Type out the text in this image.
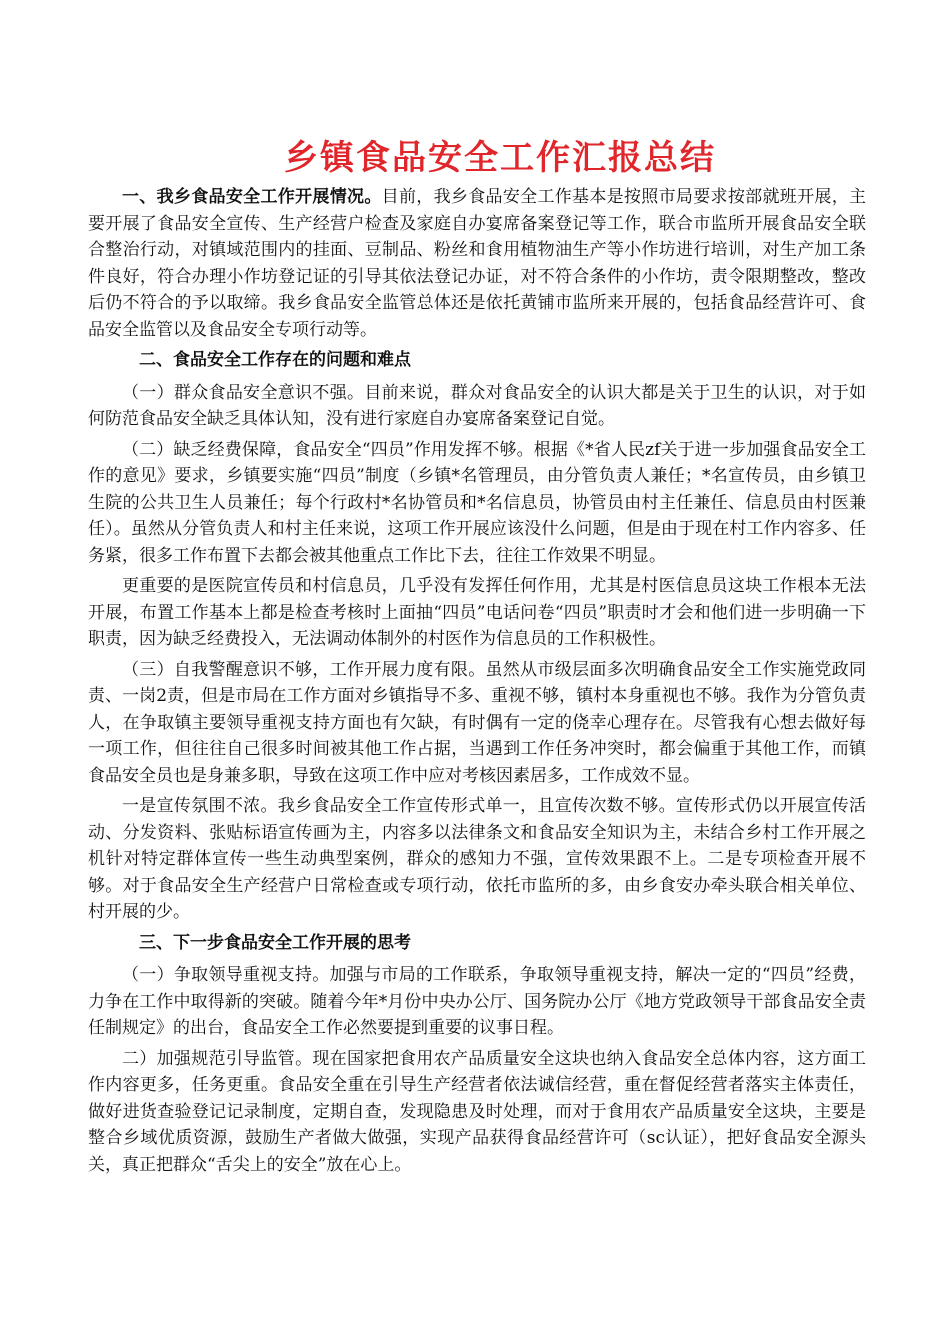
乡镇食品安全工作汇报总结

一、我乡食品安全工作开展情况。目前，我乡食品安全工作基本是按照市局要求按部就班开展，主要开展了食品安全宣传、生产经营户检查及家庭自办宴席备案登记等工作，联合市监所开展食品安全联合整治行动，对镇域范围内的挂面、豆制品、粉丝和食用植物油生产等小作坊进行培训，对生产加工条件良好，符合办理小作坊登记证的引导其依法登记办证，对不符合条件的小作坊，责令限期整改，整改后仍不符合的予以取缔。我乡食品安全监管总体还是依托黄铺市监所来开展的，包括食品经营许可、食品安全监管以及食品安全专项行动等。

二、食品安全工作存在的问题和难点

（一）群众食品安全意识不强。目前来说，群众对食品安全的认识大都是关于卫生的认识，对于如何防范食品安全缺乏具体认知，没有进行家庭自办宴席备案登记自觉。

（二）缺乏经费保障，食品安全“四员”作用发挥不够。根据《*省人民zf关于进一步加强食品安全工作的意见》要求，乡镇要实施“四员”制度（乡镇*名管理员，由分管负责人兼任；*名宣传员，由乡镇卫生院的公共卫生人员兼任；每个行政村*名协管员和*名信息员，协管员由村主任兼任、信息员由村医兼任）。虽然从分管负责人和村主任来说，这项工作开展应该没什么问题，但是由于现在村工作内容多、任务紧，很多工作布置下去都会被其他重点工作比下去，往往工作效果不明显。

更重要的是医院宣传员和村信息员，几乎没有发挥任何作用，尤其是村医信息员这块工作根本无法开展，布置工作基本上都是检查考核时上面抽“四员”电话问卷“四员”职责时才会和他们进一步明确一下职责，因为缺乏经费投入，无法调动体制外的村医作为信息员的工作积极性。

（三）自我警醒意识不够，工作开展力度有限。虽然从市级层面多次明确食品安全工作实施党政同责、一岗2责，但是市局在工作方面对乡镇指导不多、重视不够，镇村本身重视也不够。我作为分管负责人，在争取镇主要领导重视支持方面也有欠缺，有时偶有一定的侥幸心理存在。尽管我有心想去做好每一项工作，但往往自己很多时间被其他工作占据，当遇到工作任务冲突时，都会偏重于其他工作，而镇食品安全员也是身兼多职，导致在这项工作中应对考核因素居多，工作成效不显。

一是宣传氛围不浓。我乡食品安全工作宣传形式单一，且宣传次数不够。宣传形式仍以开展宣传活动、分发资料、张贴标语宣传画为主，内容多以法律条文和食品安全知识为主，未结合乡村工作开展之机针对特定群体宣传一些生动典型案例，群众的感知力不强，宣传效果跟不上。二是专项检查开展不够。对于食品安全生产经营户日常检查或专项行动，依托市监所的多，由乡食安办牵头联合相关单位、村开展的少。

三、下一步食品安全工作开展的思考

（一）争取领导重视支持。加强与市局的工作联系，争取领导重视支持，解决一定的“四员”经费，力争在工作中取得新的突破。随着今年*月份中央办公厅、国务院办公厅《地方党政领导干部食品安全责任制规定》的出台，食品安全工作必然要提到重要的议事日程。

二）加强规范引导监管。现在国家把食用农产品质量安全这块也纳入食品安全总体内容，这方面工作内容更多，任务更重。食品安全重在引导生产经营者依法诚信经营，重在督促经营者落实主体责任，做好进货查验登记记录制度，定期自查，发现隐患及时处理，而对于食用农产品质量安全这块，主要是整合乡域优质资源，鼓励生产者做大做强，实现产品获得食品经营许可（sc认证），把好食品安全源头关，真正把群众“舌尖上的安全”放在心上。
